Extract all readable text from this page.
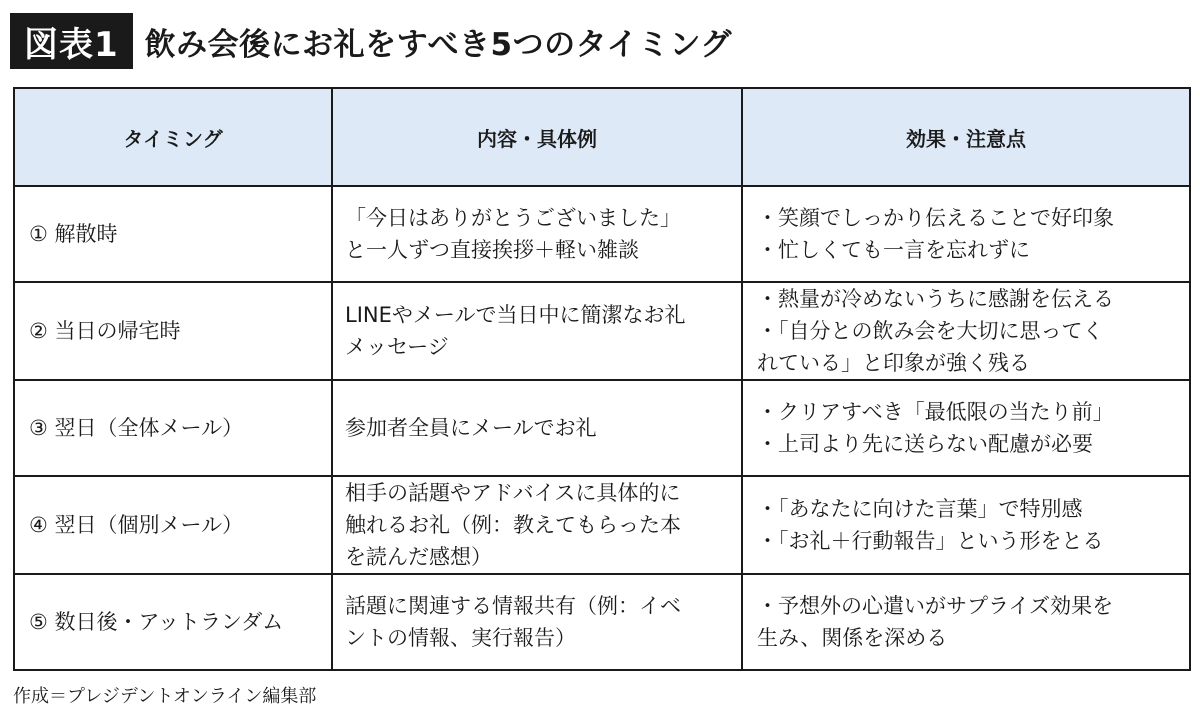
図表1 飲み会後にお礼をすべき5つのタイミング
タイミング	内容・具体例	効果・注意点
① 解散時	「今日はありがとうございました」
と一人ずつ直接挨拶＋軽い雑談	・笑顔でしっかり伝えることで好印象
・忙しくても一言を忘れずに

② 当日の帰宅時	LINEやメールで当日中に簡潔なお礼
メッセージ	・熱量が冷めないうちに感謝を伝える
・「自分との飲み会を大切に思ってく
れている」と印象が強く残る

③ 翌日（全体メール）	参加者全員にメールでお礼	・クリアすべき「最低限の当たり前」
・上司より先に送らない配慮が必要

④ 翌日（個別メール）	相手の話題やアドバイスに具体的に
触れるお礼（例：教えてもらった本
を読んだ感想）	・「あなたに向けた言葉」で特別感
・「お礼＋行動報告」という形をとる

⑤ 数日後・アットランダム	話題に関連する情報共有（例：イベ
ントの情報、実行報告）	・予想外の心遣いがサプライズ効果を
生み、関係を深める
作成＝プレジデントオンライン編集部
